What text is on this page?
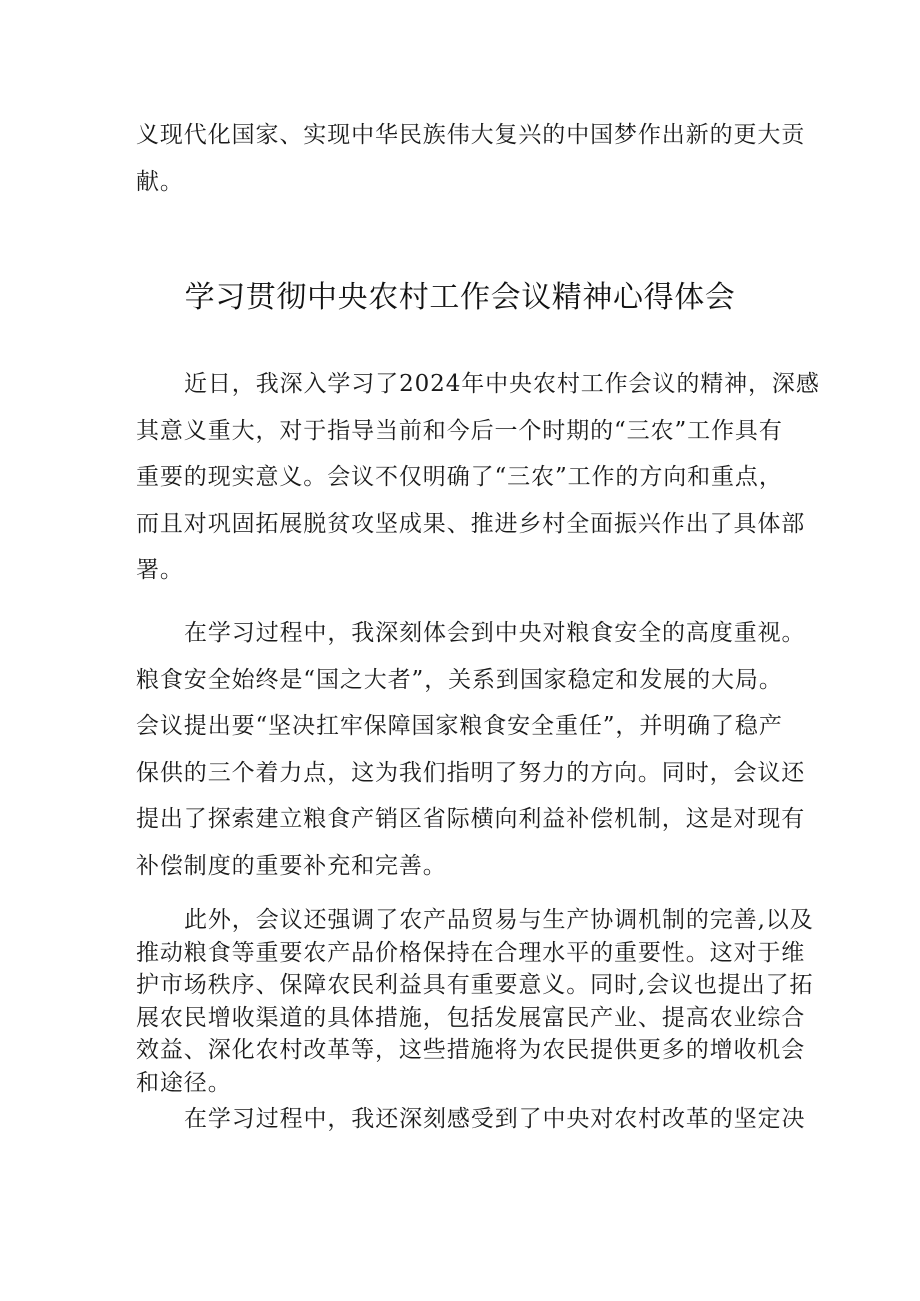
义现代化国家、实现中华民族伟大复兴的中国梦作出新的更大贡
献。
学习贯彻中央农村工作会议精神心得体会
近日，我深入学习了2024年中央农村工作会议的精神，深感
其意义重大，对于指导当前和今后一个时期的“三农”工作具有
重要的现实意义。会议不仅明确了“三农”工作的方向和重点，
而且对巩固拓展脱贫攻坚成果、推进乡村全面振兴作出了具体部
署。
在学习过程中，我深刻体会到中央对粮食安全的高度重视。
粮食安全始终是“国之大者”，关系到国家稳定和发展的大局。
会议提出要“坚决扛牢保障国家粮食安全重任”，并明确了稳产
保供的三个着力点，这为我们指明了努力的方向。同时，会议还
提出了探索建立粮食产销区省际横向利益补偿机制，这是对现有
补偿制度的重要补充和完善。
此外，会议还强调了农产品贸易与生产协调机制的完善,以及
推动粮食等重要农产品价格保持在合理水平的重要性。这对于维
护市场秩序、保障农民利益具有重要意义。同时,会议也提出了拓
展农民增收渠道的具体措施，包括发展富民产业、提高农业综合
效益、深化农村改革等，这些措施将为农民提供更多的增收机会
和途径。
在学习过程中，我还深刻感受到了中央对农村改革的坚定决
